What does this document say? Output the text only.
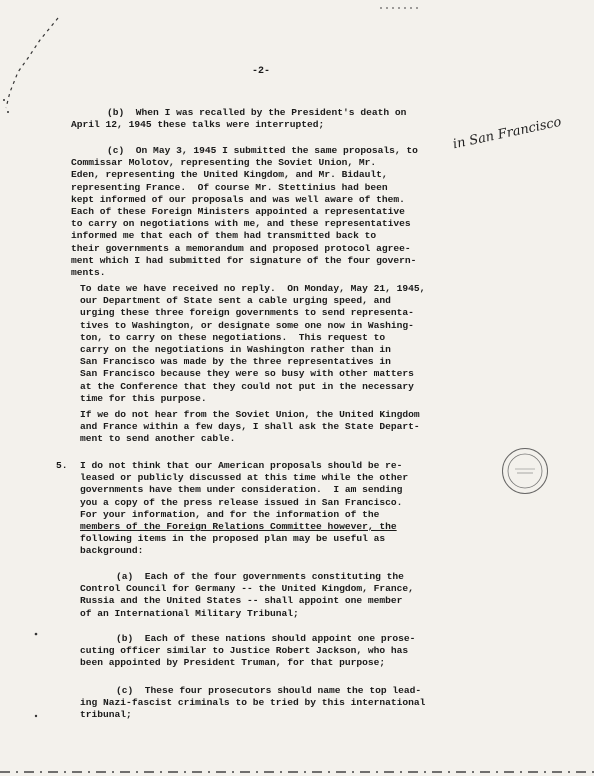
-2-
in San Francisco
(b)  When I was recalled by the President's death on
April 12, 1945 these talks were interrupted;
(c)  On May 3, 1945 I submitted the same proposals, to
Commissar Molotov, representing the Soviet Union, Mr.
Eden, representing the United Kingdom, and Mr. Bidault,
representing France.  Of course Mr. Stettinius had been
kept informed of our proposals and was well aware of them.
Each of these Foreign Ministers appointed a representative
to carry on negotiations with me, and these representatives
informed me that each of them had transmitted back to
their governments a memorandum and proposed protocol agree-
ment which I had submitted for signature of the four govern-
ments.
To date we have received no reply.  On Monday, May 21, 1945,
our Department of State sent a cable urging speed, and
urging these three foreign governments to send representa-
tives to Washington, or designate some one now in Washing-
ton, to carry on these negotiations.  This request to
carry on the negotiations in Washington rather than in
San Francisco was made by the three representatives in
San Francisco because they were so busy with other matters
at the Conference that they could not put in the necessary
time for this purpose.
If we do not hear from the Soviet Union, the United Kingdom
and France within a few days, I shall ask the State Depart-
ment to send another cable.
I do not think that our American proposals should be re-
leased or publicly discussed at this time while the other
governments have them under consideration.  I am sending
you a copy of the press release issued in San Francisco.
For your information, and for the information of the
members of the Foreign Relations Committee however, the
following items in the proposed plan may be useful as
background:
(a)  Each of the four governments constituting the
Control Council for Germany -- the United Kingdom, France,
Russia and the United States -- shall appoint one member
of an International Military Tribunal;
(b)  Each of these nations should appoint one prose-
cuting officer similar to Justice Robert Jackson, who has
been appointed by President Truman, for that purpose;
(c)  These four prosecutors should name the top lead-
ing Nazi-fascist criminals to be tried by this international
tribunal;
5.
